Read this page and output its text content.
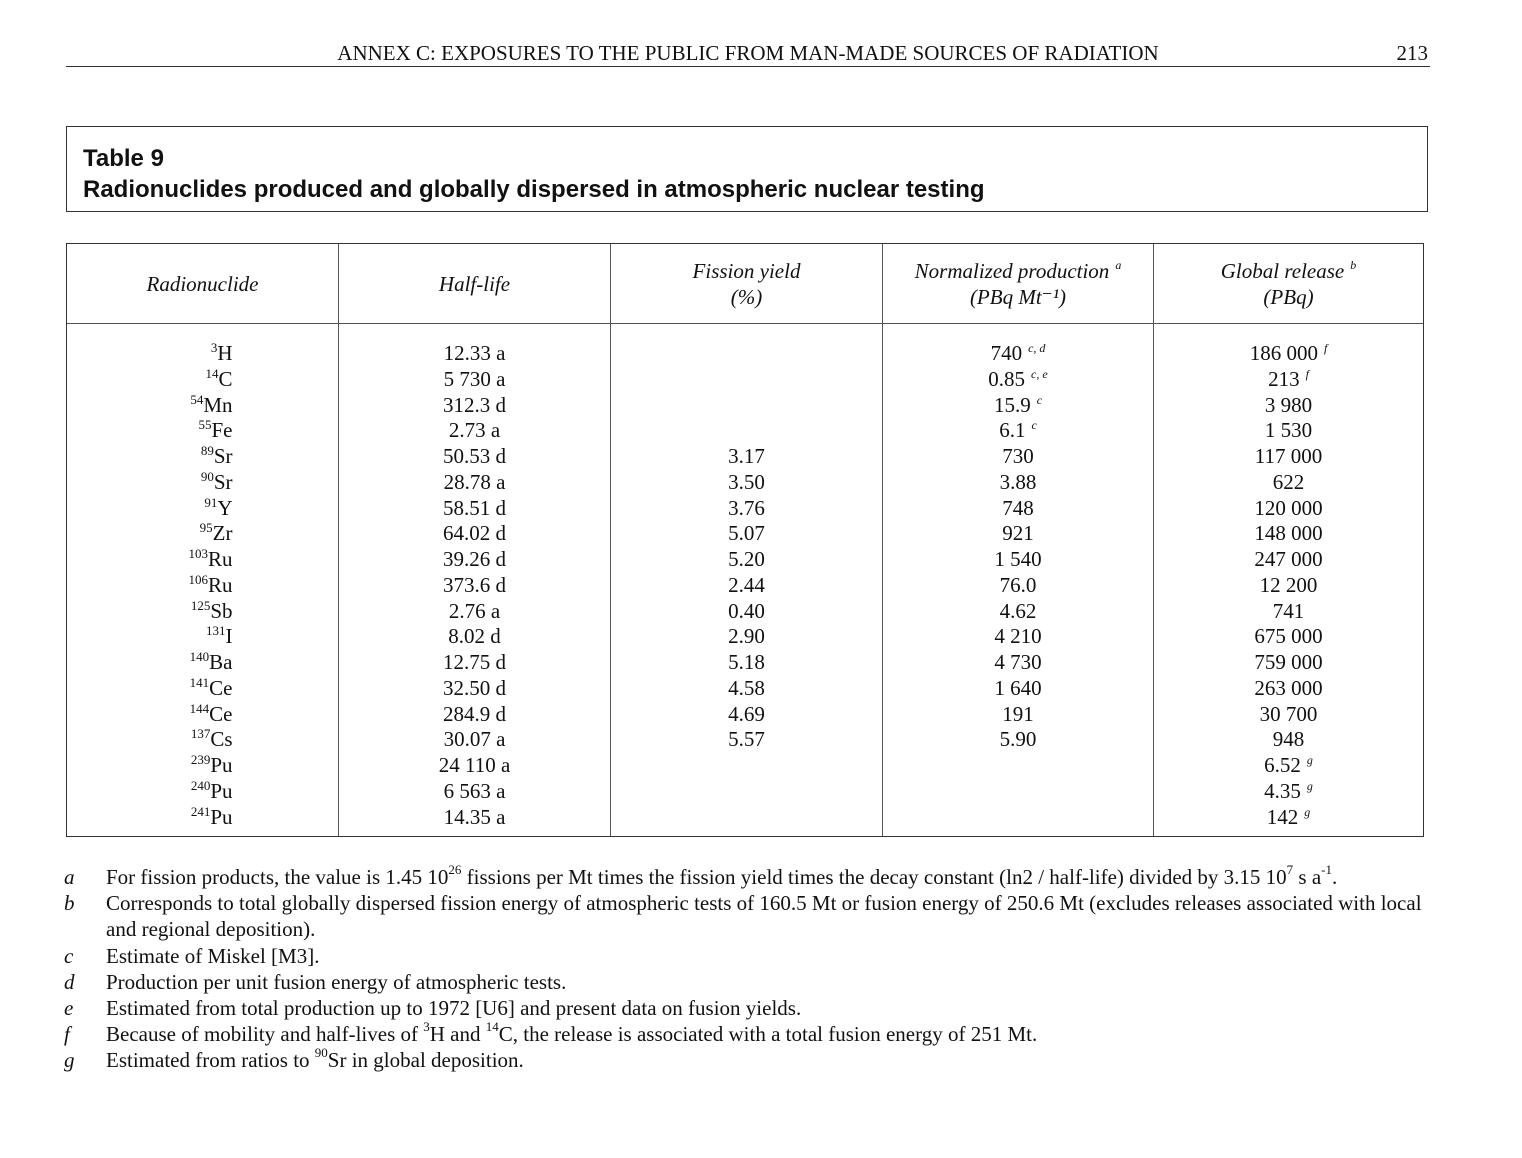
ANNEX C: EXPOSURES TO THE PUBLIC FROM MAN-MADE SOURCES OF RADIATION	213
Table 9
Radionuclides produced and globally dispersed in atmospheric nuclear testing
Radionuclide
$^3$H
$^{14}$C
$^{54}$Mn
$^{55}$Fe
$^{89}$Sr
$^{90}$Sr
$^{91}$Y
$^{95}$Zr
$^{103}$Ru
$^{106}$Ru
$^{125}$Sb
$^{131}$I
$^{140}$Ba
$^{141}$Ce
$^{144}$Ce
$^{137}$Cs
$^{239}$Pu
$^{240}$Pu
$^{241}$Pu
Half-life
12.33 a
5 730 a
312.3 d
2.73 a
50.53 d
28.78 a
58.51 d
64.02 d
39.26 d
373.6 d
2.76 a
8.02 d
12.75 d
32.50 d
284.9 d
30.07 a
24 110 a
6 563 a
14.35 a
Fission yield
(%)
3.17
3.50
3.76
5.07
5.20
2.44
0.40
2.90
5.18
4.58
4.69
5.57
Normalized production $^a$
(PBq Mt⁻¹)
740 $^{c, d}$
0.85 $^{c, e}$
15.9 $^c$
6.1 $^c$
730
3.88
748
921
1 540
76.0
4.62
4 210
4 730
1 640
191
5.90
Global release $^b$
(PBq)
186 000 $^f$
213 $^f$
3 980
1 530
117 000
622
120 000
148 000
247 000
12 200
741
675 000
759 000
263 000
30 700
948
6.52 $^g$
4.35 $^g$
142 $^g$
a For fission products, the value is 1.45 $10^{26}$ fissions per Mt times the fission yield times the decay constant (ln2 / half-life) divided by 3.15 $10^7$ s $a^{-1}$.
b Corresponds to total globally dispersed fission energy of atmospheric tests of 160.5 Mt or fusion energy of 250.6 Mt (excludes releases associated with local and regional deposition).
c Estimate of Miskel [M3].
d Production per unit fusion energy of atmospheric tests.
e Estimated from total production up to 1972 [U6] and present data on fusion yields.
f Because of mobility and half-lives of $^3$H and $^{14}$C, the release is associated with a total fusion energy of 251 Mt.
g Estimated from ratios to $^{90}$Sr in global deposition.
